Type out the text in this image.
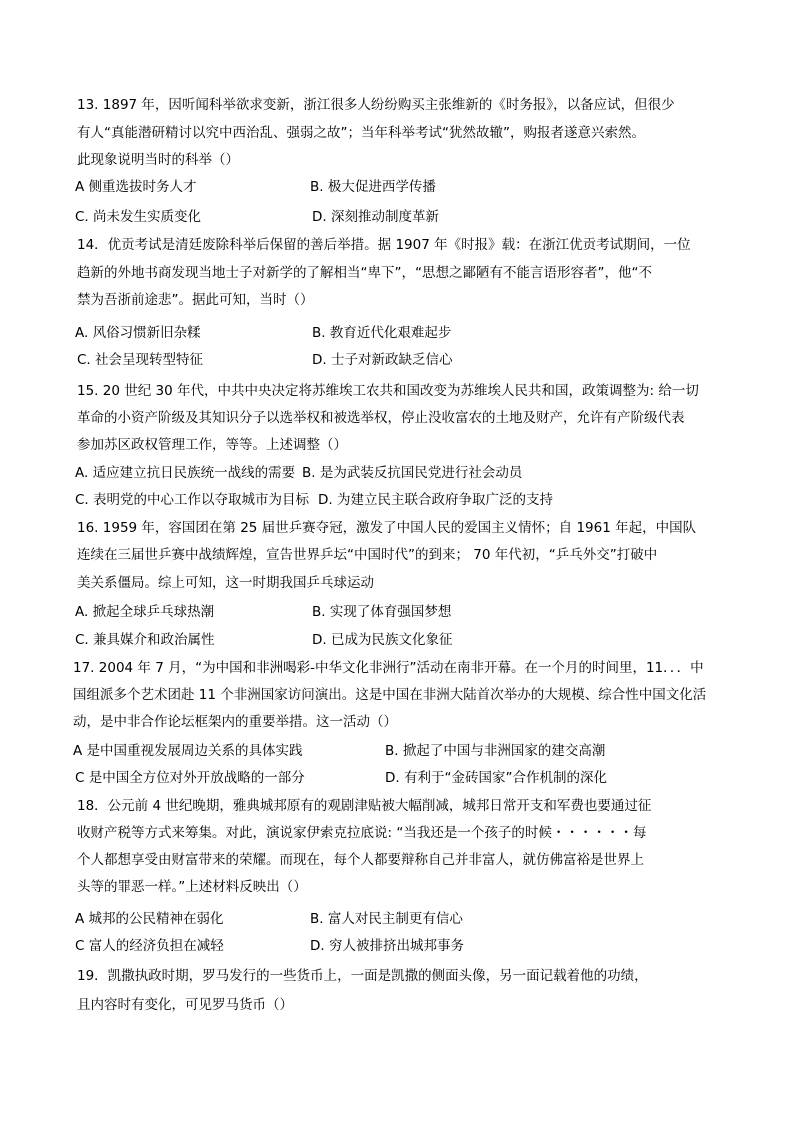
13. 1897 年，因听闻科举欲求变新，浙江很多人纷纷购买主张维新的《时务报》，以备应试，但很少
有人“真能潜研精讨以究中西治乱、强弱之故”；当年科举考试“犹然故辙”，购报者遂意兴索然。
此现象说明当时的科举（）
A 侧重选拔时务人才	B. 极大促进西学传播
C. 尚未发生实质变化	D. 深刻推动制度革新
14．优贡考试是清廷废除科举后保留的善后举措。据 1907 年《时报》载：在浙江优贡考试期间，一位
趋新的外地书商发现当地士子对新学的了解相当“卑下”，“思想之鄙陋有不能言语形容者”，他“不
禁为吾浙前途悲”。据此可知，当时（）
A. 风俗习惯新旧杂糅	B. 教育近代化艰难起步
C. 社会呈现转型特征	D. 士子对新政缺乏信心
15. 20 世纪 30 年代，中共中央决定将苏维埃工农共和国改变为苏维埃人民共和国，政策调整为: 给一切
革命的小资产阶级及其知识分子以选举权和被选举权，停止没收富农的土地及财产，允许有产阶级代表
参加苏区政权管理工作，等等。上述调整（）
A. 适应建立抗日民族统一战线的需要 B. 是为武装反抗国民党进行社会动员
C. 表明党的中心工作以夺取城市为目标 D. 为建立民主联合政府争取广泛的支持
16. 1959 年，容国团在第 25 届世乒赛夺冠，激发了中国人民的爱国主义情怀；自 1961 年起，中国队
连续在三届世乒赛中战绩辉煌，宣告世界乒坛“中国时代”的到来； 70 年代初，“乒乓外交”打破中
美关系僵局。综上可知，这一时期我国乒乓球运动
A. 掀起全球乒乓球热潮	B. 实现了体育强国梦想
C. 兼具媒介和政治属性	D. 已成为民族文化象征
17. 2004 年 7 月，“为中国和非洲喝彩-中华文化非洲行”活动在南非开幕。在一个月的时间里，11．．．中
国组派多个艺术团赴 11 个非洲国家访问演出。这是中国在非洲大陆首次举办的大规模、综合性中国文化活
动，是中非合作论坛框架内的重要举措。这一活动（）
A 是中国重视发展周边关系的具体实践	B. 掀起了中国与非洲国家的建交高潮
C 是中国全方位对外开放战略的一部分	D. 有利于“金砖国家”合作机制的深化
18．公元前 4 世纪晚期，雅典城邦原有的观剧津贴被大幅削减，城邦日常开支和军费也要通过征
收财产税等方式来筹集。对此，演说家伊索克拉底说: “当我还是一个孩子的时候・・・・・・每
个人都想享受由财富带来的荣耀。而现在，每个人都要辩称自己并非富人，就仿佛富裕是世界上
头等的罪恶一样。”上述材料反映出（）
A 城邦的公民精神在弱化	B. 富人对民主制更有信心
C 富人的经济负担在减轻	D. 穷人被排挤出城邦事务
19．凯撒执政时期，罗马发行的一些货币上，一面是凯撒的侧面头像，另一面记载着他的功绩，
且内容时有变化，可见罗马货币（）
